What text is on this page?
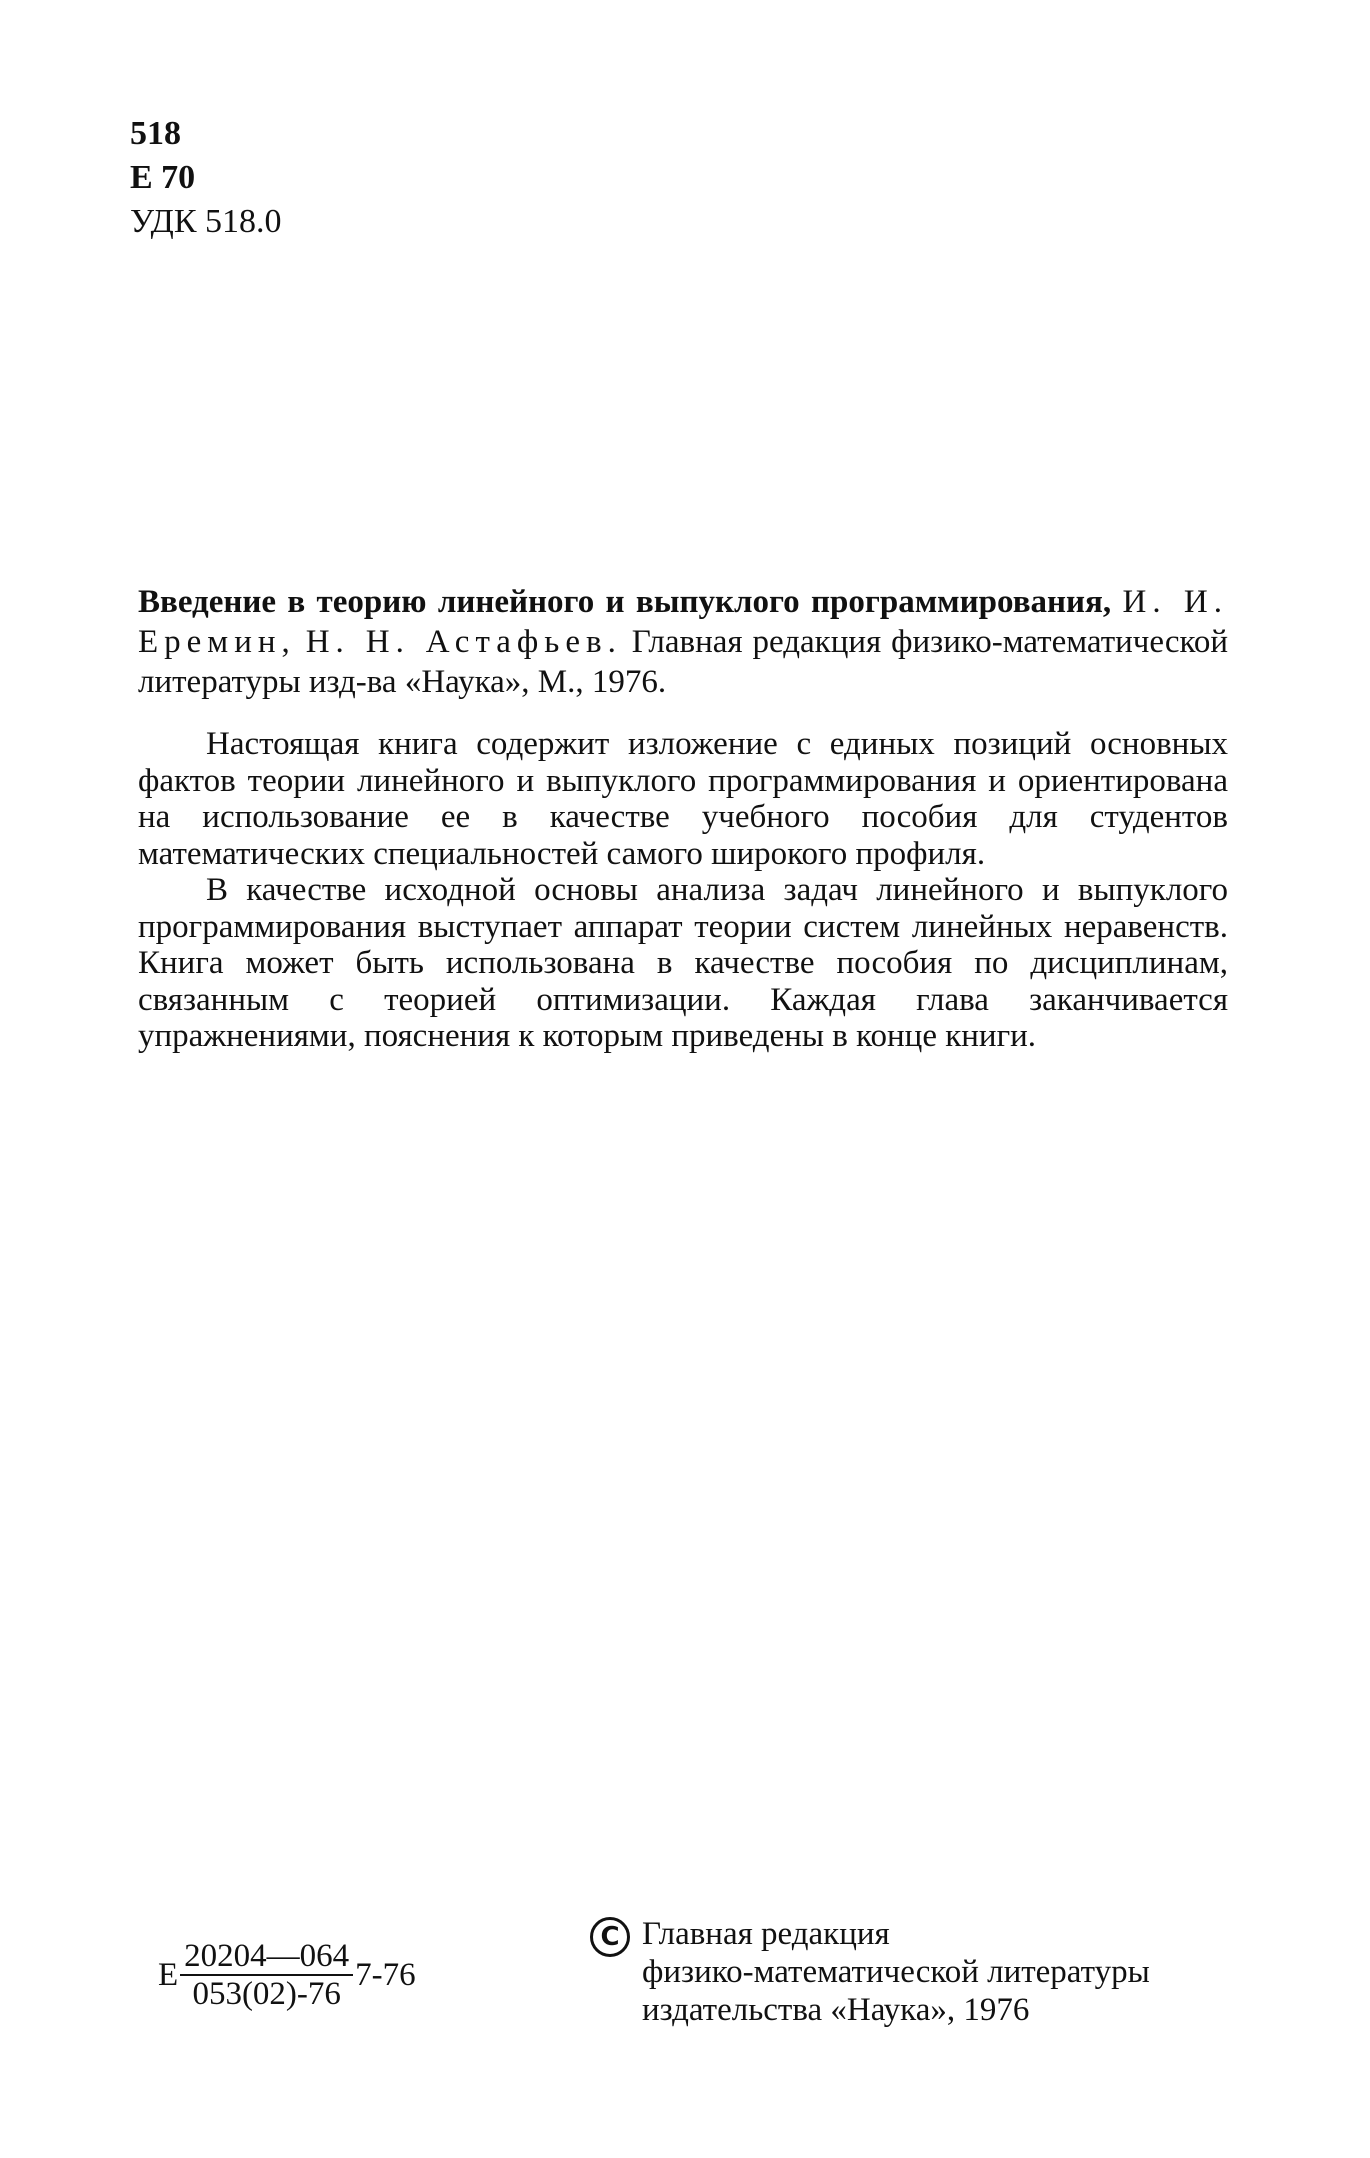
518
Е 70
УДК 518.0
Введение в теорию линейного и выпуклого программирования, И. И. Еремин, Н. Н. Астафьев. Главная редакция физико-математической литературы изд-ва «Наука», М., 1976.

Настоящая книга содержит изложение с единых позиций основных фактов теории линейного и выпуклого программирования и ориентирована на использование ее в качестве учебного пособия для студентов математических специальностей самого широкого профиля.

В качестве исходной основы анализа задач линейного и выпуклого программирования выступает аппарат теории систем линейных неравенств. Книга может быть использована в качестве пособия по дисциплинам, связанным с теорией оптимизации. Каждая глава заканчивается упражнениями, пояснения к которым приведены в конце книги.

Е $\frac{20204—064}{053(02)-76} 7-76$
C Главная редакция
физико-математической литературы
издательства «Наука», 1976
